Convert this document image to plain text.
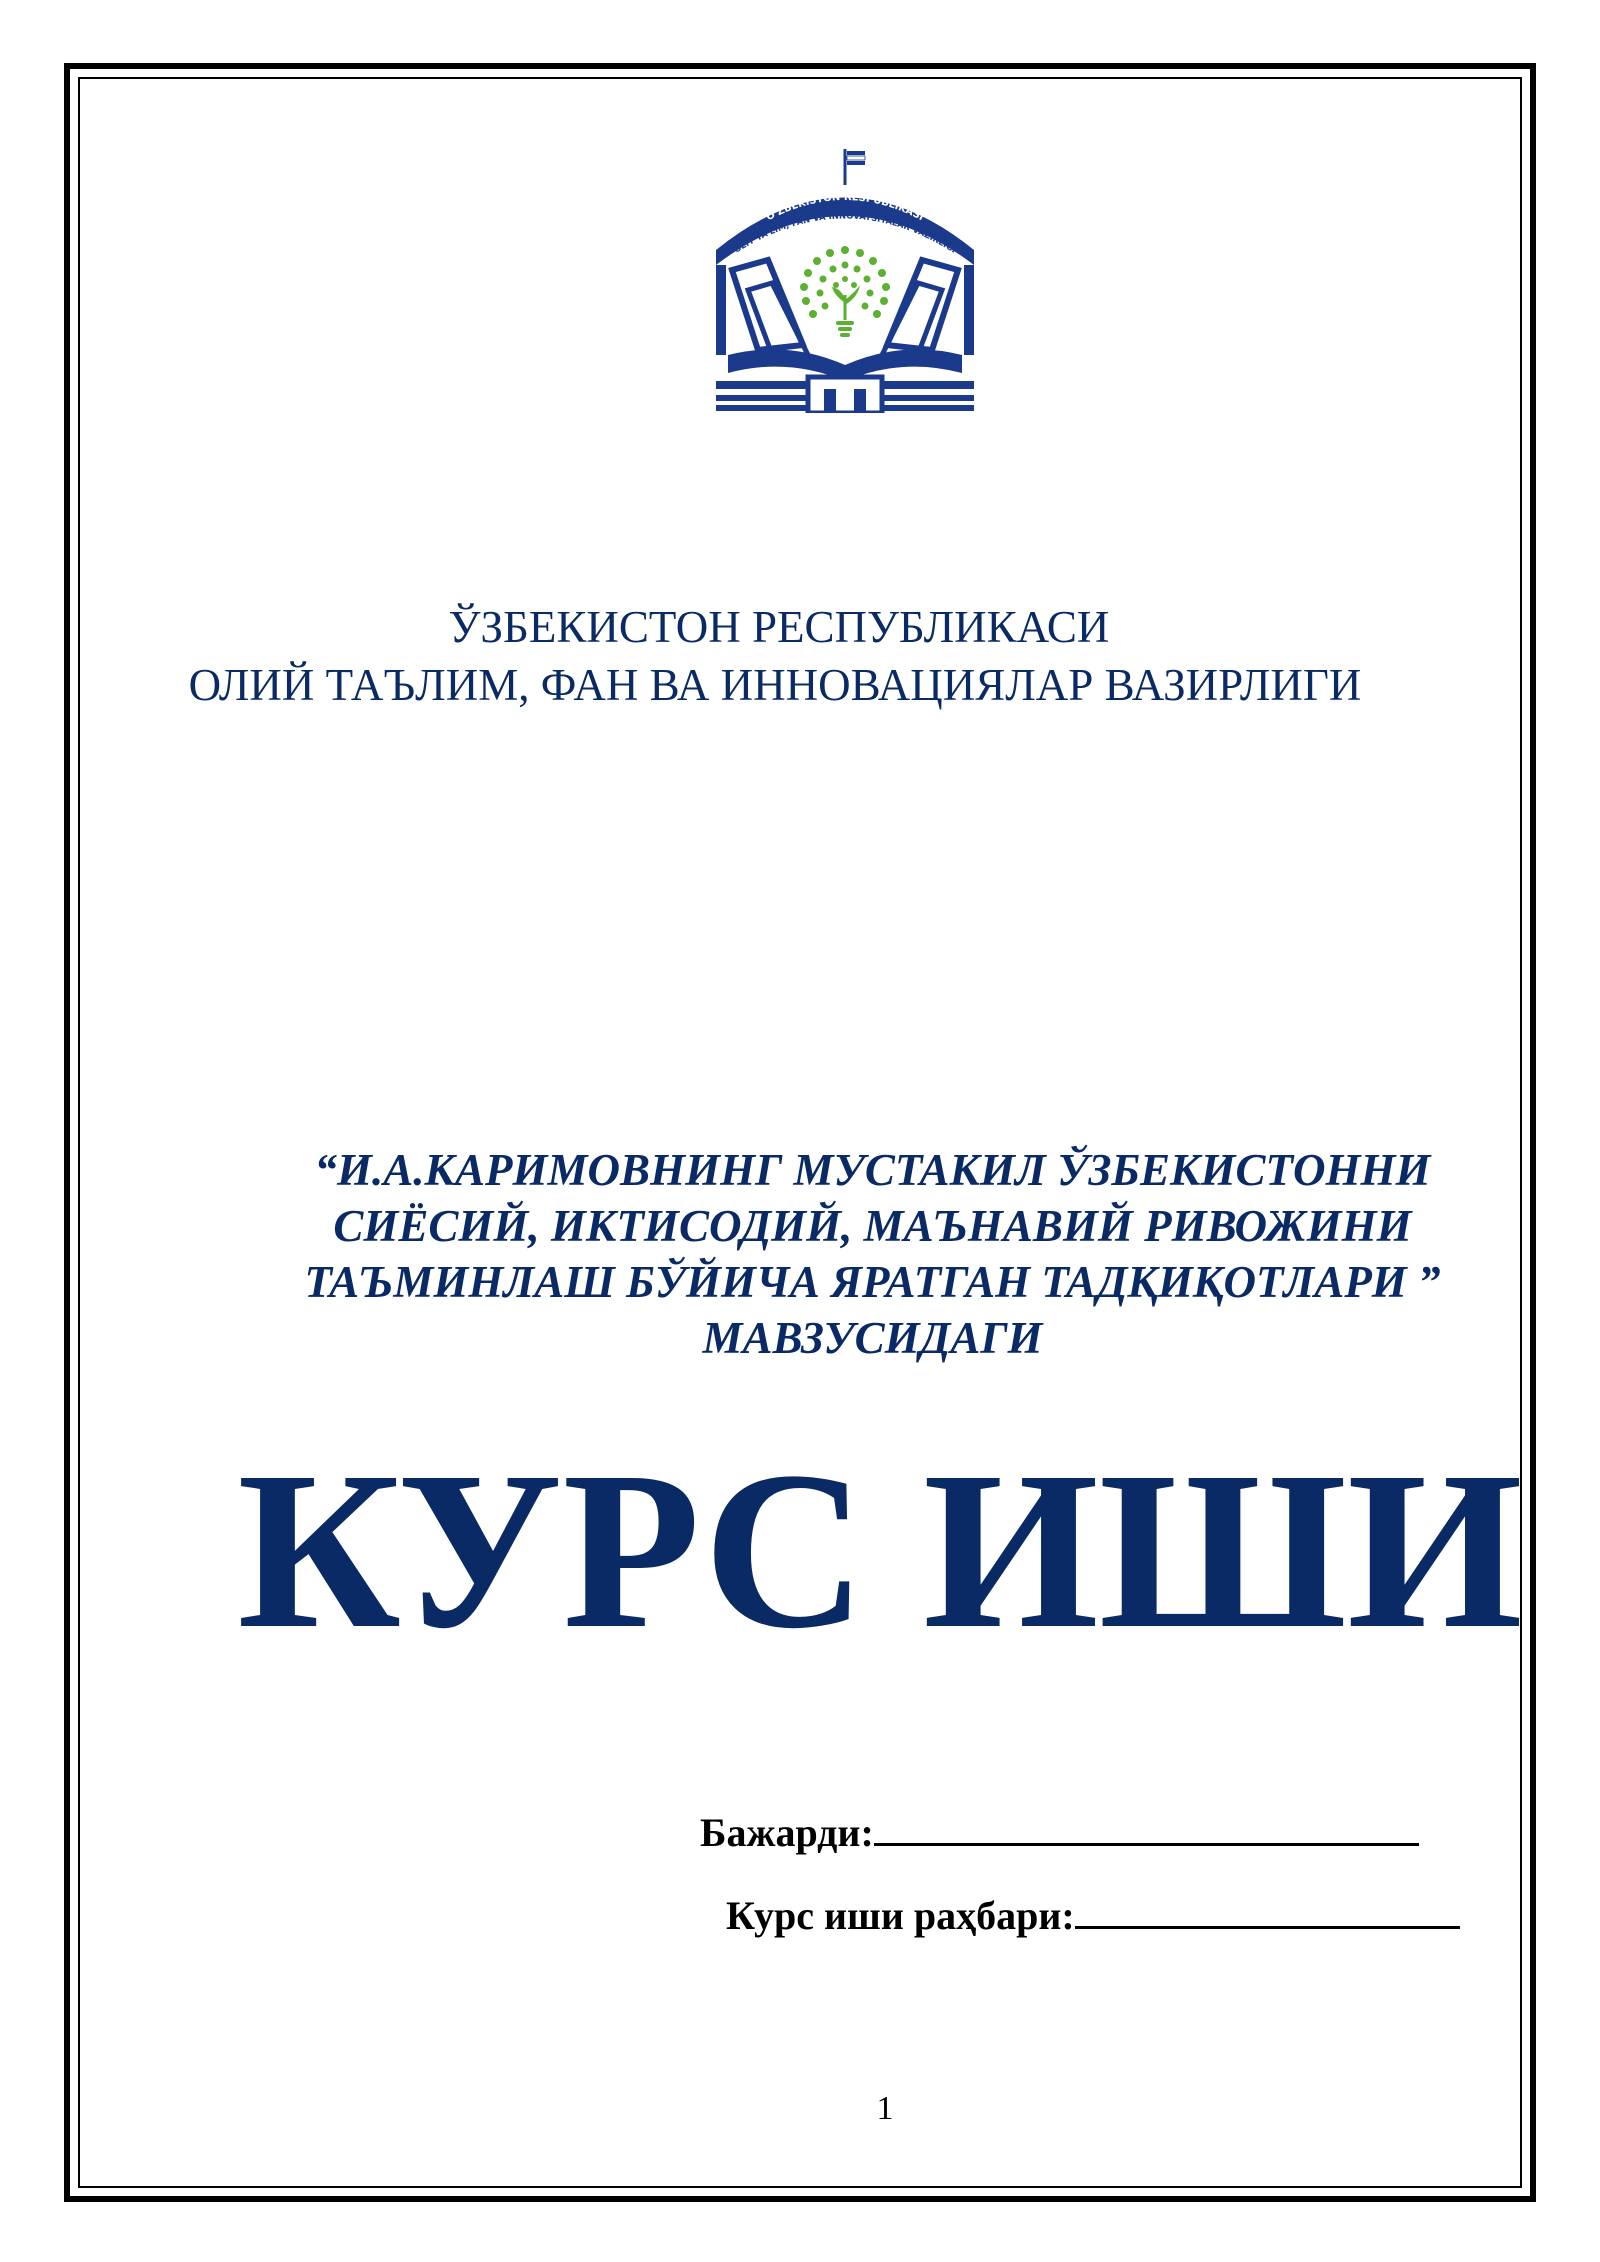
O'ZBEKISTON RESPUBLIKASI
OLIY TA'LIM, FAN VA INNOVATSIYALAR VAZIRLIGI

ЎЗБЕКИСТОН РЕСПУБЛИКАСИ

ОЛИЙ ТАЪЛИМ, ФАН ВА ИННОВАЦИЯЛАР ВАЗИРЛИГИ

“И.А.КАРИМОВНИНГ МУСТАКИЛ ЎЗБЕКИСТОННИ
СИЁСИЙ, ИКТИСОДИЙ, МАЪНАВИЙ РИВОЖИНИ
ТАЪМИНЛАШ БЎЙИЧА ЯРАТГАН ТАДҚИҚОТЛАРИ ”
МАВЗУСИДАГИ

КУРС ИШИ
Бажарди:
Курс иши раҳбари:
1
